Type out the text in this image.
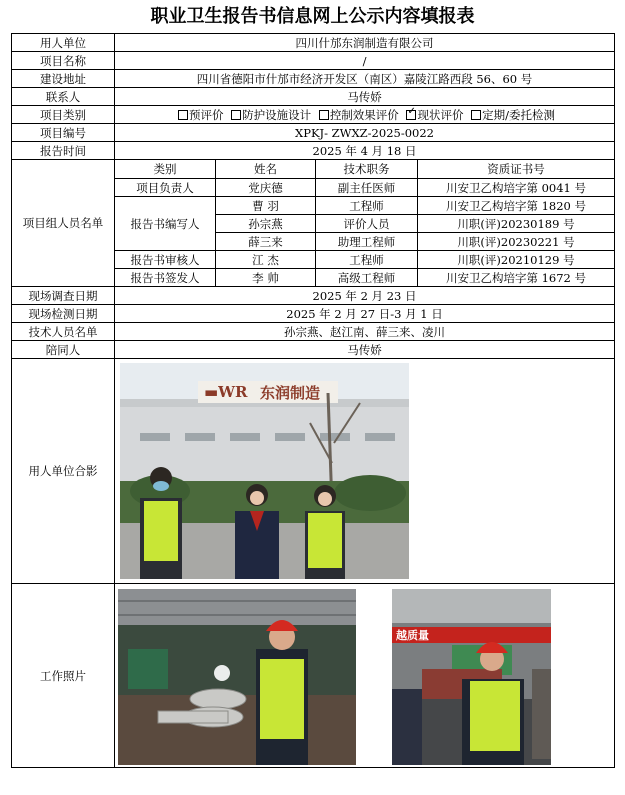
职业卫生报告书信息网上公示内容填报表
用人单位	四川什邡东润制造有限公司			
项目名称	/			
建设地址	四川省德阳市什邡市经济开发区（南区）嘉陵江路西段 56、60 号			
联系人	马传娇			
项目类别	预评价 防护设施设计 控制效果评价 ✓ 现状评价 定期/委托检测
项目编号	XPKJ- ZWXZ-2025-0022			
报告时间	2025 年 4 月 18 日			
项目组人员名单	类别	姓名	技术职务	资质证书号
	项目负责人	党庆德	副主任医师	川安卫乙构培字第 0041 号
	报告书编写人	曹 羽	工程师	川安卫乙构培字第 1820 号
		孙宗燕	评价人员	川职(评)20230189 号
		薛三来	助理工程师	川职(评)20230221 号
	报告书审核人	江 杰	工程师	川职(评)20210129 号
	报告书签发人	李 帅	高级工程师	川安卫乙构培字第 1672 号
现场调查日期	2025 年 2 月 23 日			
现场检测日期	2025 年 2 月 27 日-3 月 1 日			
技术人员名单	孙宗燕、赵江南、薛三来、凌川			
陪同人	马传娇			
用人单位合影	▬WR 东润制造			

工作照片	越质量			
